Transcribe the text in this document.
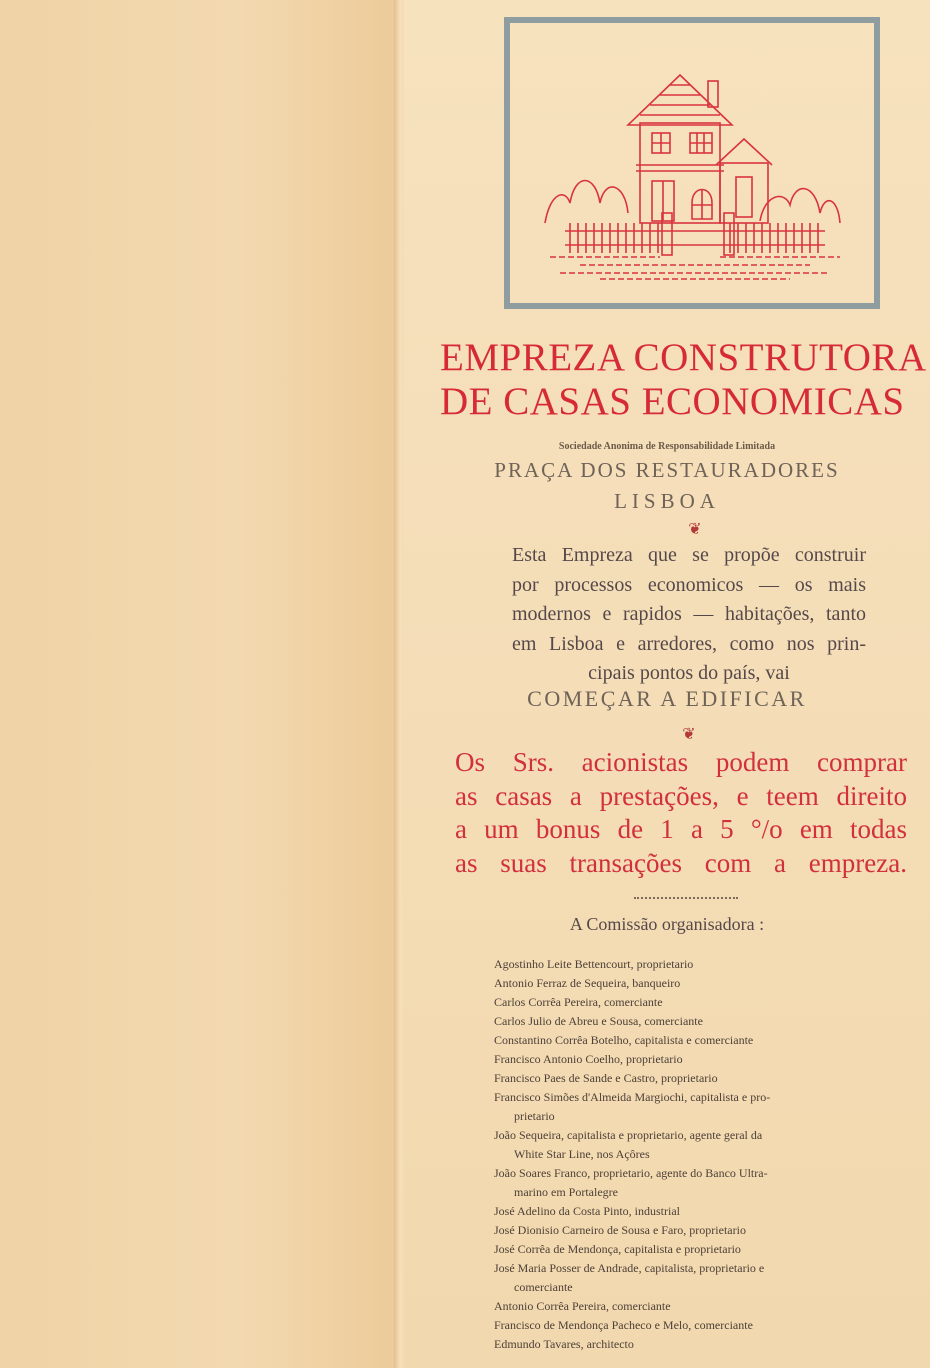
EMPREZA CONSTRUTORA
DE CASAS ECONOMICAS
Sociedade Anonima de Responsabilidade Limitada
PRAÇA DOS RESTAURADORES
LISBOA
❦
Esta Empreza que se propõe construir
por processos economicos — os mais
modernos e rapidos — habitações, tanto
em Lisboa e arredores, como nos prin-
cipais pontos do país, vai
COMEÇAR A EDIFICAR
❦
Os Srs. acionistas podem comprar
as casas a prestações, e teem direito
a um bonus de 1 a 5 °/o em todas
as suas transações com a empreza.
A Comissão organisadora :
Agostinho Leite Bettencourt, proprietario
Antonio Ferraz de Sequeira, banqueiro
Carlos Corrêa Pereira, comerciante
Carlos Julio de Abreu e Sousa, comerciante
Constantino Corrêa Botelho, capitalista e comerciante
Francisco Antonio Coelho, proprietario
Francisco Paes de Sande e Castro, proprietario
Francisco Simões d'Almeida Margiochi, capitalista e pro-
prietario
João Sequeira, capitalista e proprietario, agente geral da
White Star Line, nos Açôres
João Soares Franco, proprietario, agente do Banco Ultra-
marino em Portalegre
José Adelino da Costa Pinto, industrial
José Dionisio Carneiro de Sousa e Faro, proprietario
José Corrêa de Mendonça, capitalista e proprietario
José Maria Posser de Andrade, capitalista, proprietario e
comerciante
Antonio Corrêa Pereira, comerciante
Francisco de Mendonça Pacheco e Melo, comerciante
Edmundo Tavares, architecto
